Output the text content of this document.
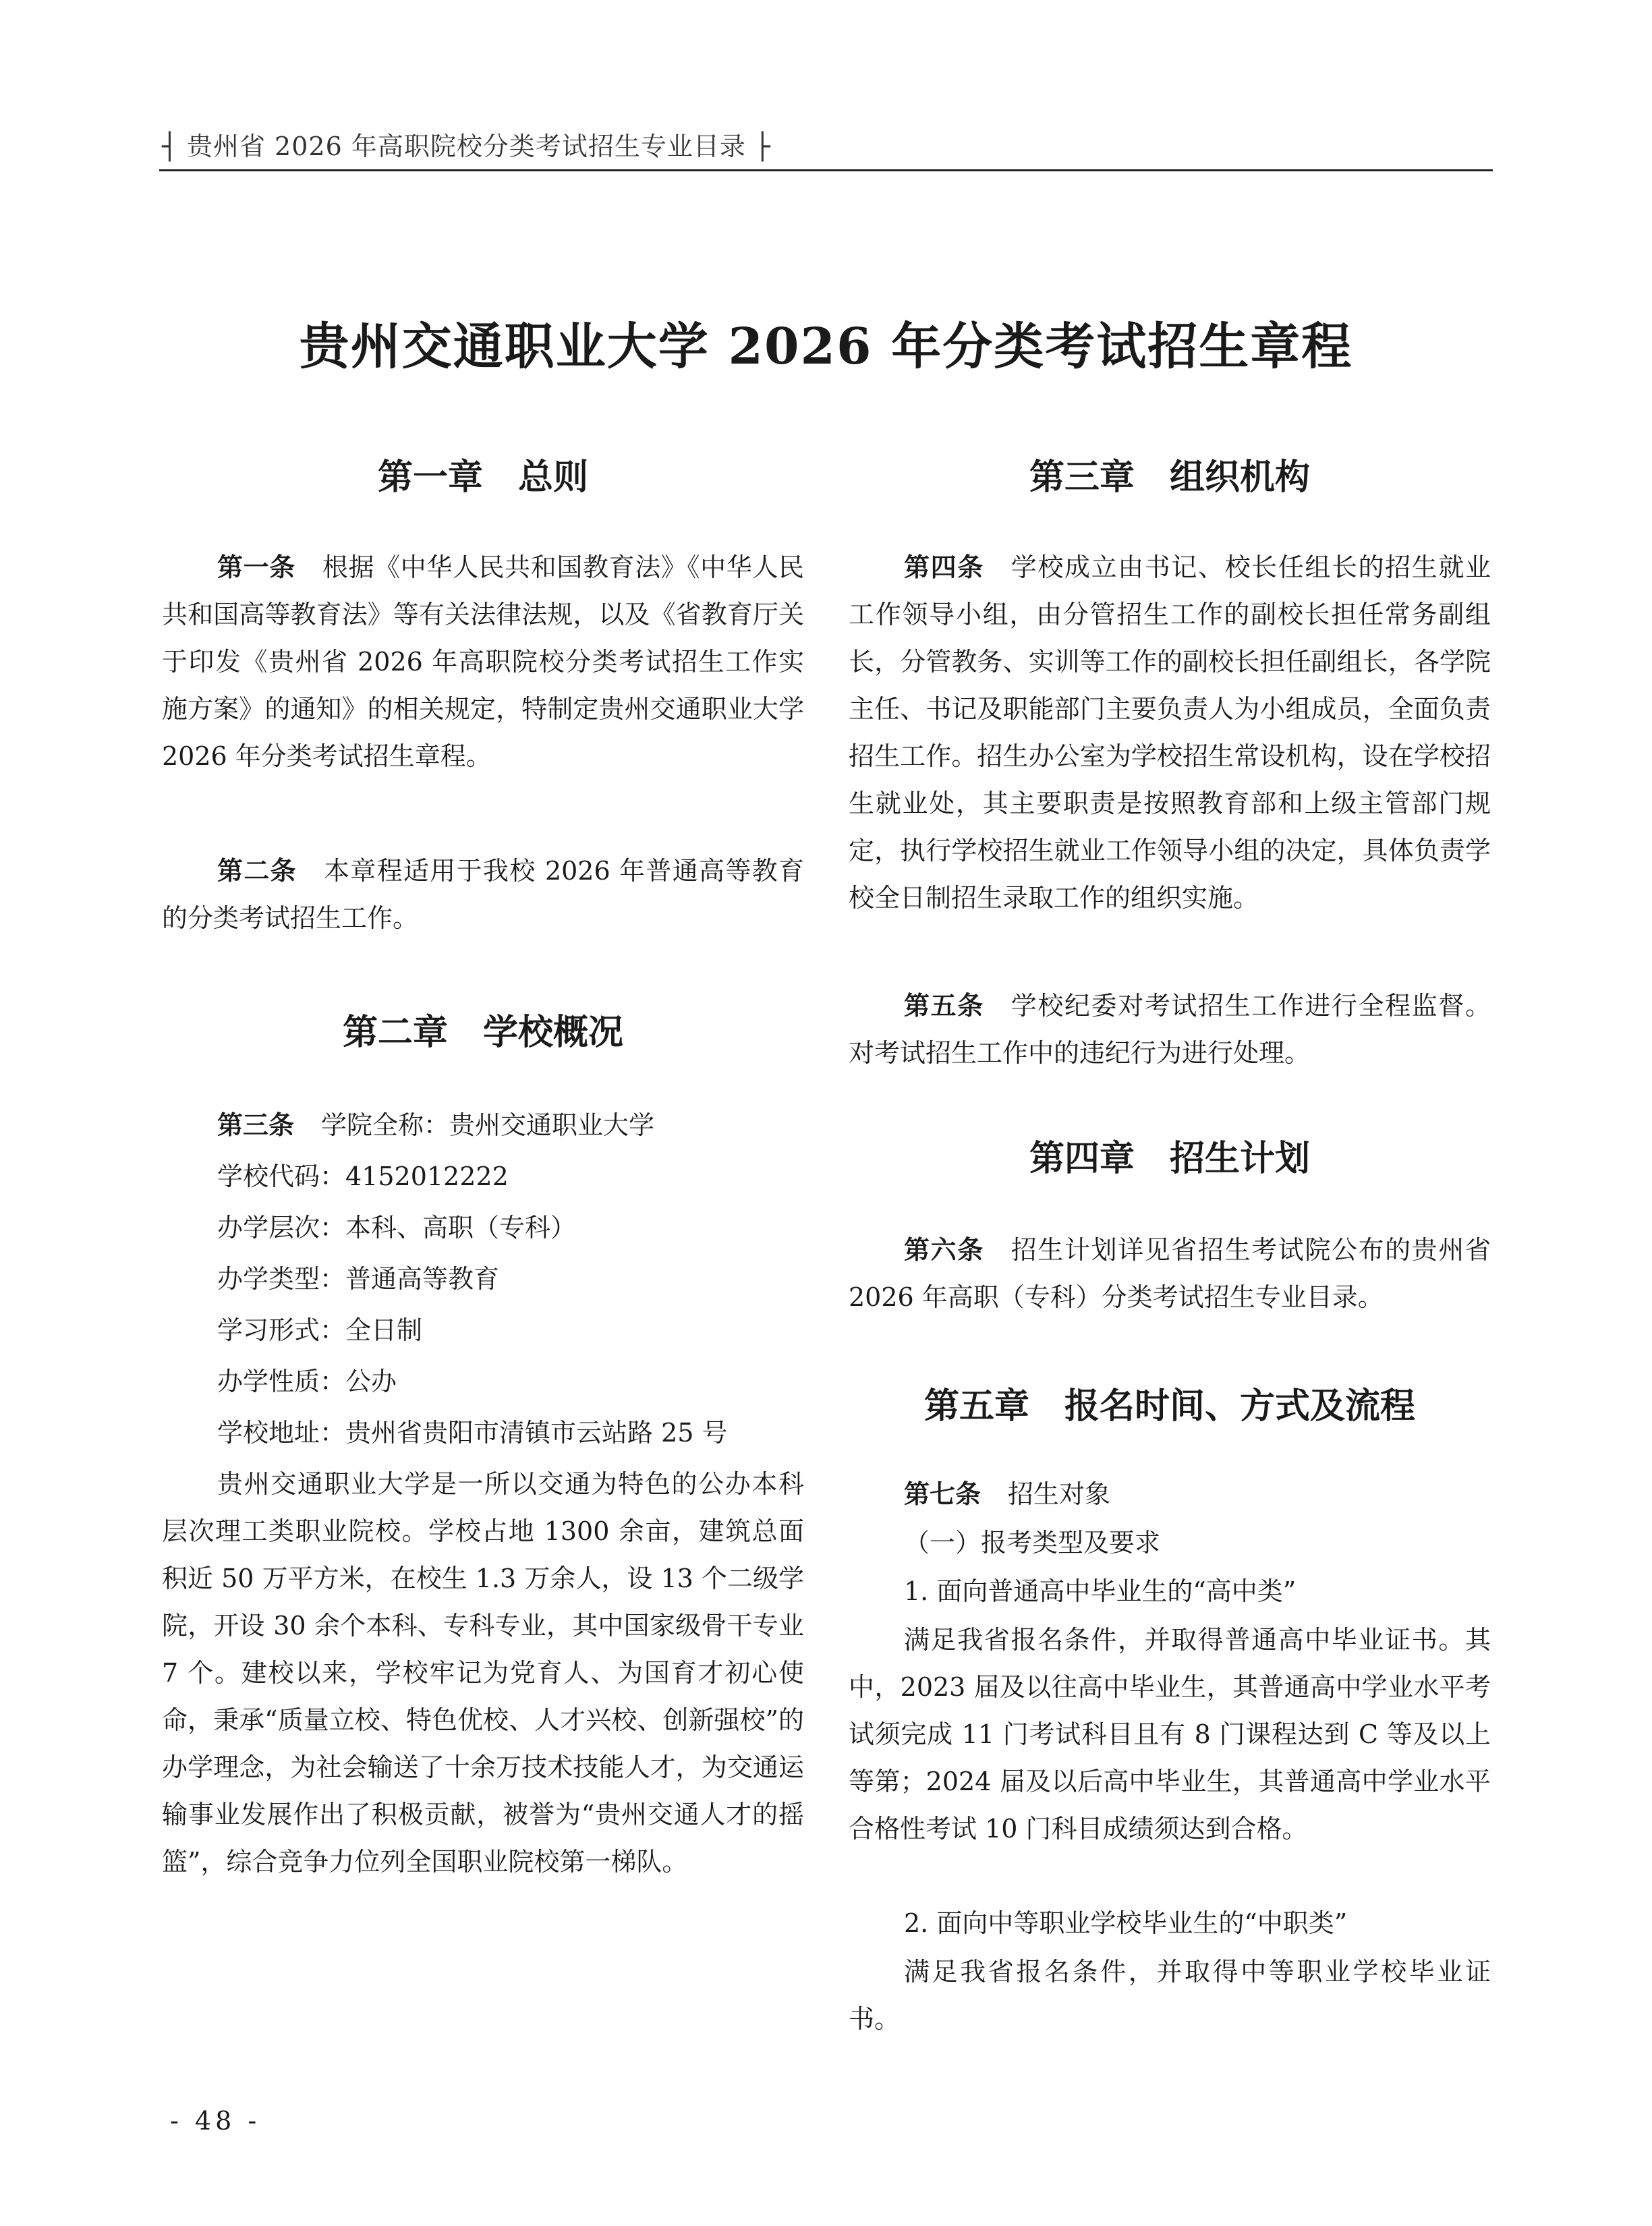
┤ 贵州省 2026 年高职院校分类考试招生专业目录 ├
贵州交通职业大学 2026 年分类考试招生章程
第一章　总则

第一条 根据《中华人民共和国教育法》《中华人民共和国高等教育法》等有关法律法规，以及《省教育厅关于印发《贵州省 2026 年高职院校分类考试招生工作实施方案》的通知》的相关规定，特制定贵州交通职业大学 2026 年分类考试招生章程。

第二条 本章程适用于我校 2026 年普通高等教育的分类考试招生工作。

第二章　学校概况

第三条 学院全称：贵州交通职业大学

学校代码：4152012222

办学层次：本科、高职（专科）

办学类型：普通高等教育

学习形式：全日制

办学性质：公办

学校地址：贵州省贵阳市清镇市云站路 25 号

贵州交通职业大学是一所以交通为特色的公办本科层次理工类职业院校。学校占地 1300 余亩，建筑总面积近 50 万平方米，在校生 1.3 万余人，设 13 个二级学院，开设 30 余个本科、专科专业，其中国家级骨干专业 7 个。建校以来，学校牢记为党育人、为国育才初心使命，秉承“质量立校、特色优校、人才兴校、创新强校”的办学理念，为社会输送了十余万技术技能人才，为交通运输事业发展作出了积极贡献，被誉为“贵州交通人才的摇篮”，综合竞争力位列全国职业院校第一梯队。

第三章　组织机构

第四条 学校成立由书记、校长任组长的招生就业工作领导小组，由分管招生工作的副校长担任常务副组长，分管教务、实训等工作的副校长担任副组长，各学院主任、书记及职能部门主要负责人为小组成员，全面负责招生工作。招生办公室为学校招生常设机构，设在学校招生就业处，其主要职责是按照教育部和上级主管部门规定，执行学校招生就业工作领导小组的决定，具体负责学校全日制招生录取工作的组织实施。

第五条 学校纪委对考试招生工作进行全程监督。对考试招生工作中的违纪行为进行处理。

第四章　招生计划

第六条 招生计划详见省招生考试院公布的贵州省 2026 年高职（专科）分类考试招生专业目录。

第五章　报名时间、方式及流程

第七条 招生对象

（一）报考类型及要求

1. 面向普通高中毕业生的“高中类”

满足我省报名条件，并取得普通高中毕业证书。其中，2023 届及以往高中毕业生，其普通高中学业水平考试须完成 11 门考试科目且有 8 门课程达到 C 等及以上等第；2024 届及以后高中毕业生，其普通高中学业水平合格性考试 10 门科目成绩须达到合格。

2. 面向中等职业学校毕业生的“中职类”

满足我省报名条件，并取得中等职业学校毕业证书。

- 48 -
